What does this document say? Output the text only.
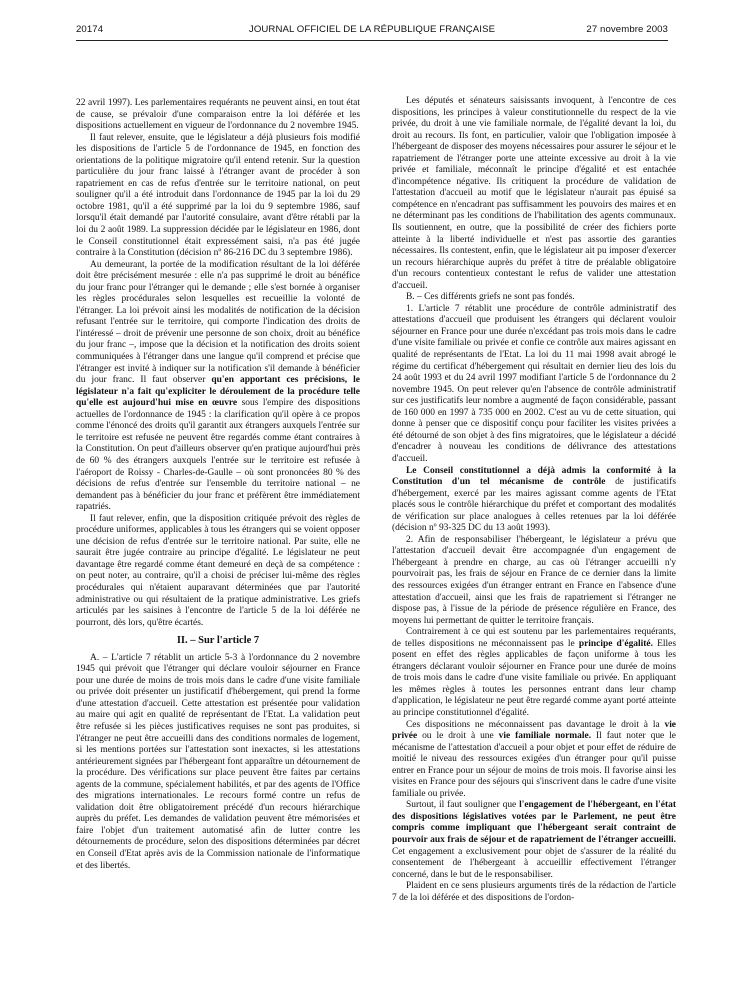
20174	JOURNAL OFFICIEL DE LA RÉPUBLIQUE FRANÇAISE	27 novembre 2003

22 avril 1997). Les parlementaires requérants ne peuvent ainsi, en tout état de cause, se prévaloir d'une comparaison entre la loi déférée et les dispositions actuellement en vigueur de l'ordonnance du 2 novembre 1945.

Il faut relever, ensuite, que le législateur a déjà plusieurs fois modifié les dispositions de l'article 5 de l'ordonnance de 1945, en fonction des orientations de la politique migratoire qu'il entend retenir. Sur la question particulière du jour franc laissé à l'étranger avant de procéder à son rapatriement en cas de refus d'entrée sur le territoire national, on peut souligner qu'il a été introduit dans l'ordonnance de 1945 par la loi du 29 octobre 1981, qu'il a été supprimé par la loi du 9 septembre 1986, sauf lorsqu'il était demandé par l'autorité consulaire, avant d'être rétabli par la loi du 2 août 1989. La suppression décidée par le législateur en 1986, dont le Conseil constitutionnel était expressément saisi, n'a pas été jugée contraire à la Constitution (décision nº 86-216 DC du 3 septembre 1986).

Au demeurant, la portée de la modification résultant de la loi déférée doit être précisément mesurée : elle n'a pas supprimé le droit au bénéfice du jour franc pour l'étranger qui le demande ; elle s'est bornée à organiser les règles procédurales selon lesquelles est recueillie la volonté de l'étranger. La loi prévoit ainsi les modalités de notification de la décision refusant l'entrée sur le territoire, qui comporte l'indication des droits de l'intéressé – droit de prévenir une personne de son choix, droit au bénéfice du jour franc –, impose que la décision et la notification des droits soient communiquées à l'étranger dans une langue qu'il comprend et précise que l'étranger est invité à indiquer sur la notification s'il demande à bénéficier du jour franc. Il faut observer qu'en apportant ces précisions, le législateur n'a fait qu'expliciter le déroulement de la procédure telle qu'elle est aujourd'hui mise en œuvre sous l'empire des dispositions actuelles de l'ordonnance de 1945 : la clarification qu'il opère à ce propos comme l'énoncé des droits qu'il garantit aux étrangers auxquels l'entrée sur le territoire est refusée ne peuvent être regardés comme étant contraires à la Constitution. On peut d'ailleurs observer qu'en pratique aujourd'hui près de 60 % des étrangers auxquels l'entrée sur le territoire est refusée à l'aéroport de Roissy - Charles-de-Gaulle – où sont prononcées 80 % des décisions de refus d'entrée sur l'ensemble du territoire national – ne demandent pas à bénéficier du jour franc et préfèrent être immédiatement rapatriés.

Il faut relever, enfin, que la disposition critiquée prévoit des règles de procédure uniformes, applicables à tous les étrangers qui se voient opposer une décision de refus d'entrée sur le territoire national. Par suite, elle ne saurait être jugée contraire au principe d'égalité. Le législateur ne peut davantage être regardé comme étant demeuré en deçà de sa compétence : on peut noter, au contraire, qu'il a choisi de préciser lui-même des règles procédurales qui n'étaient auparavant déterminées que par l'autorité administrative ou qui résultaient de la pratique administrative. Les griefs articulés par les saisines à l'encontre de l'article 5 de la loi déférée ne pourront, dès lors, qu'être écartés.

II. – Sur l'article 7

A. – L'article 7 rétablit un article 5-3 à l'ordonnance du 2 novembre 1945 qui prévoit que l'étranger qui déclare vouloir séjourner en France pour une durée de moins de trois mois dans le cadre d'une visite familiale ou privée doit présenter un justificatif d'hébergement, qui prend la forme d'une attestation d'accueil. Cette attestation est présentée pour validation au maire qui agit en qualité de représentant de l'Etat. La validation peut être refusée si les pièces justificatives requises ne sont pas produites, si l'étranger ne peut être accueilli dans des conditions normales de logement, si les mentions portées sur l'attestation sont inexactes, si les attestations antérieurement signées par l'hébergeant font apparaître un détournement de la procédure. Des vérifications sur place peuvent être faites par certains agents de la commune, spécialement habilités, et par des agents de l'Office des migrations internationales. Le recours formé contre un refus de validation doit être obligatoirement précédé d'un recours hiérarchique auprès du préfet. Les demandes de validation peuvent être mémorisées et faire l'objet d'un traitement automatisé afin de lutter contre les détournements de procédure, selon des dispositions déterminées par décret en Conseil d'Etat après avis de la Commission nationale de l'informatique et des libertés.

Les députés et sénateurs saisissants invoquent, à l'encontre de ces dispositions, les principes à valeur constitutionnelle du respect de la vie privée, du droit à une vie familiale normale, de l'égalité devant la loi, du droit au recours. Ils font, en particulier, valoir que l'obligation imposée à l'hébergeant de disposer des moyens nécessaires pour assurer le séjour et le rapatriement de l'étranger porte une atteinte excessive au droit à la vie privée et familiale, méconnaît le principe d'égalité et est entachée d'incompétence négative. Ils critiquent la procédure de validation de l'attestation d'accueil au motif que le législateur n'aurait pas épuisé sa compétence en n'encadrant pas suffisamment les pouvoirs des maires et en ne déterminant pas les conditions de l'habilitation des agents communaux. Ils soutiennent, en outre, que la possibilité de créer des fichiers porte atteinte à la liberté individuelle et n'est pas assortie des garanties nécessaires. Ils contestent, enfin, que le législateur ait pu imposer d'exercer un recours hiérarchique auprès du préfet à titre de préalable obligatoire d'un recours contentieux contestant le refus de valider une attestation d'accueil.

B. – Ces différents griefs ne sont pas fondés.

1. L'article 7 rétablit une procédure de contrôle administratif des attestations d'accueil que produisent les étrangers qui déclarent vouloir séjourner en France pour une durée n'excédant pas trois mois dans le cadre d'une visite familiale ou privée et confie ce contrôle aux maires agissant en qualité de représentants de l'Etat. La loi du 11 mai 1998 avait abrogé le régime du certificat d'hébergement qui résultait en dernier lieu des lois du 24 août 1993 et du 24 avril 1997 modifiant l'article 5 de l'ordonnance du 2 novembre 1945. On peut relever qu'en l'absence de contrôle administratif sur ces justificatifs leur nombre a augmenté de façon considérable, passant de 160 000 en 1997 à 735 000 en 2002. C'est au vu de cette situation, qui donne à penser que ce dispositif conçu pour faciliter les visites privées a été détourné de son objet à des fins migratoires, que le législateur a décidé d'encadrer à nouveau les conditions de délivrance des attestations d'accueil.

Le Conseil constitutionnel a déjà admis la conformité à la Constitution d'un tel mécanisme de contrôle de justificatifs d'hébergement, exercé par les maires agissant comme agents de l'Etat placés sous le contrôle hiérarchique du préfet et comportant des modalités de vérification sur place analogues à celles retenues par la loi déférée (décision nº 93-325 DC du 13 août 1993).

2. Afin de responsabiliser l'hébergeant, le législateur a prévu que l'attestation d'accueil devait être accompagnée d'un engagement de l'hébergeant à prendre en charge, au cas où l'étranger accueilli n'y pourvoirait pas, les frais de séjour en France de ce dernier dans la limite des ressources exigées d'un étranger entrant en France en l'absence d'une attestation d'accueil, ainsi que les frais de rapatriement si l'étranger ne dispose pas, à l'issue de la période de présence régulière en France, des moyens lui permettant de quitter le territoire français.

Contrairement à ce qui est soutenu par les parlementaires requérants, de telles dispositions ne méconnaissent pas le principe d'égalité. Elles posent en effet des règles applicables de façon uniforme à tous les étrangers déclarant vouloir séjourner en France pour une durée de moins de trois mois dans le cadre d'une visite familiale ou privée. En appliquant les mêmes règles à toutes les personnes entrant dans leur champ d'application, le législateur ne peut être regardé comme ayant porté atteinte au principe constitutionnel d'égalité.

Ces dispositions ne méconnaissent pas davantage le droit à la vie privée ou le droit à une vie familiale normale. Il faut noter que le mécanisme de l'attestation d'accueil a pour objet et pour effet de réduire de moitié le niveau des ressources exigées d'un étranger pour qu'il puisse entrer en France pour un séjour de moins de trois mois. Il favorise ainsi les visites en France pour des séjours qui s'inscrivent dans le cadre d'une visite familiale ou privée.

Surtout, il faut souligner que l'engagement de l'hébergeant, en l'état des dispositions législatives votées par le Parlement, ne peut être compris comme impliquant que l'hébergeant serait contraint de pourvoir aux frais de séjour et de rapatriement de l'étranger accueilli. Cet engagement a exclusivement pour objet de s'assurer de la réalité du consentement de l'hébergeant à accueillir effectivement l'étranger concerné, dans le but de le responsabiliser.

Plaident en ce sens plusieurs arguments tirés de la rédaction de l'article 7 de la loi déférée et des dispositions de l'ordon-
